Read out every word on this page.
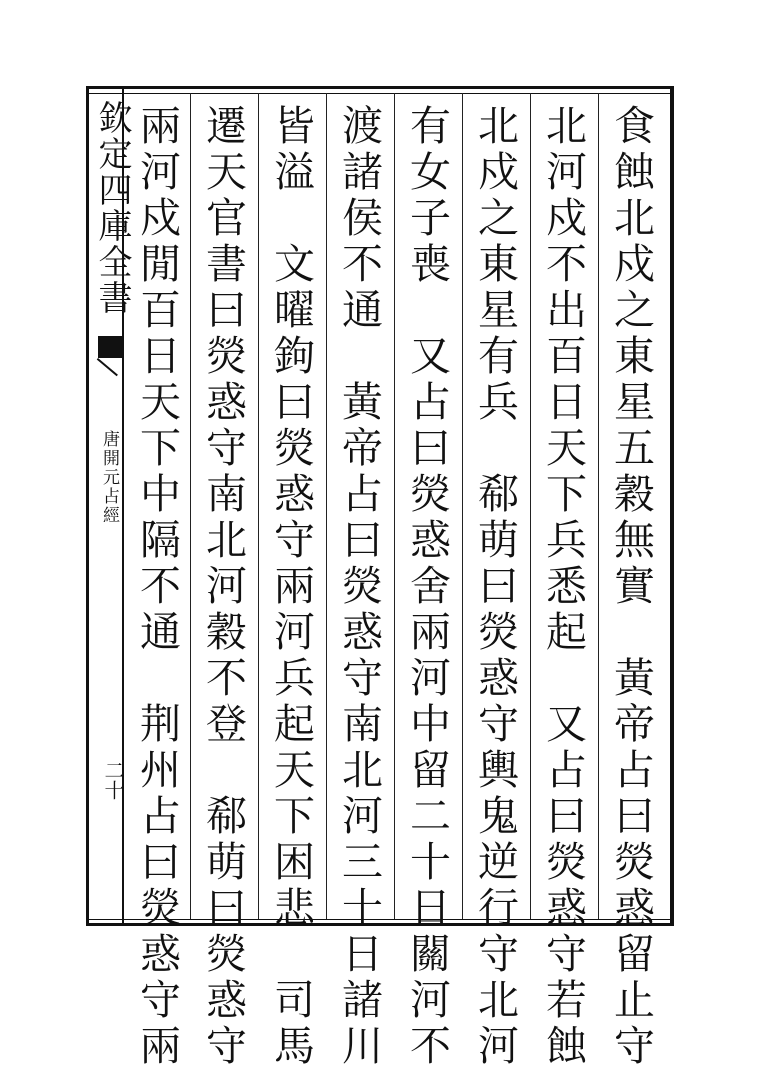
欽定四庫全書
唐開元占經
二十	食蝕北戍之東星五穀無實　黃帝占曰熒惑留止守
北河戍不出百日天下兵悉起　又占曰熒惑守若蝕
北戍之東星有兵　郗萌曰熒惑守輿鬼逆行守北河
有女子喪　又占曰熒惑舍兩河中留二十日關河不
渡諸侯不通　黃帝占曰熒惑守南北河三十日諸川
皆溢　文曜鉤曰熒惑守兩河兵起天下困悲　司馬
遷天官書曰熒惑守南北河穀不登　郗萌曰熒惑守
兩河戍閒百日天下中隔不通　荆州占曰熒惑守兩
